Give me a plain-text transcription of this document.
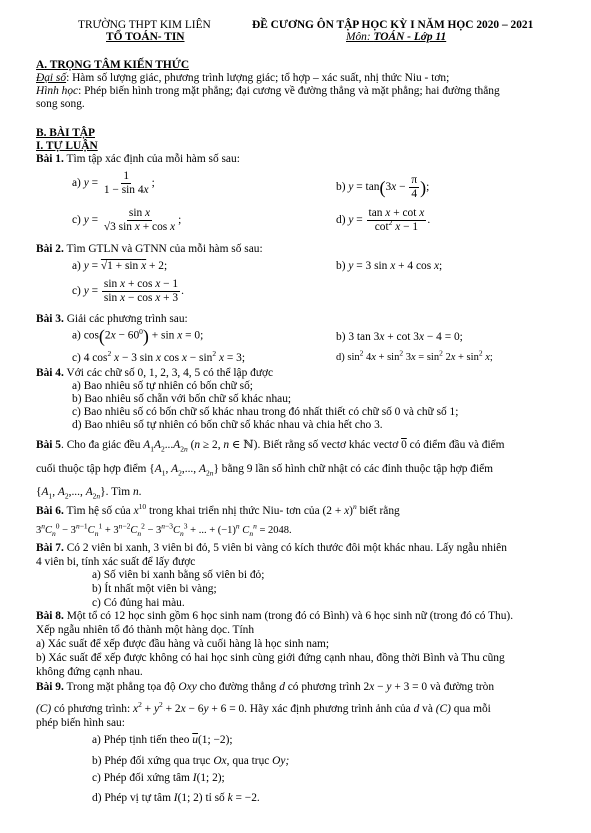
TRƯỜNG THPT KIM LIÊN
TỔ TOÁN- TIN
ĐỀ CƯƠNG ÔN TẬP HỌC KỲ I NĂM HỌC 2020 – 2021
Môn: TOÁN - Lớp 11
A. TRỌNG TÂM KIẾN THỨC
Đại số: Hàm số lượng giác, phương trình lượng giác; tổ hợp – xác suất, nhị thức Niu - tơn;
Hình học: Phép biến hình trong mặt phẳng; đại cương về đường thẳng và mặt phẳng; hai đường thẳng
song song.
B. BÀI TẬP
I. TỰ LUẬN
Bài 1. Tìm tập xác định của mỗi hàm số sau:
a) $y = \frac{1}{1 - \sin 4x}$ ;	b) $y = \tan(3x - \frac{\pi}{4}$ );
c) $y = \frac{\text{sin x}}{\text{√3 sin x + cos x}}$ ;	d) $y = \frac{\text{tan x + cot x}}{\cot^2 x - 1}$ .
Bài 2. Tìm GTLN và GTNN của mỗi hàm số sau:
a) y = √1 + sin x + 2;	b) y = 3 sin x + 4 cos x;
c) $y = \frac{\text{sin x + cos x − 1}}{\text{sin x − cos x + 3}}$ .
Bài 3. Giải các phương trình sau:
a) $\cos(2x - 60^0) + \sin x = 0$;	b) 3 tan 3x + cot 3x − 4 = 0;
c) 4 $\cos^2 x - 3$ sin x $\cos x - \sin^2 x = 3$;	d) $\sin^2 4x + \sin^2 3x = \sin^2 2x + \sin^2 x$;
Bài 4. Với các chữ số 0, 1, 2, 3, 4, 5 có thể lập được
a) Bao nhiêu số tự nhiên có bốn chữ số;
b) Bao nhiêu số chẵn với bốn chữ số khác nhau;
c) Bao nhiêu số có bốn chữ số khác nhau trong đó nhất thiết có chữ số 0 và chữ số 1;
d) Bao nhiêu số tự nhiên có bốn chữ số khác nhau và chia hết cho 3.
Bài 5. Cho đa giác đều $A_1A_2...A_{2n}$ (n ≥ 2, n ∈ ℕ). Biết rằng số vectơ khác vectơ 0 có điểm đầu và điểm
cuối thuộc tập hợp điểm {$A_1$, $A_2$,..., $A_{2n}$} bằng 9 lần số hình chữ nhật có các đỉnh thuộc tập hợp điểm
{$A_1$, $A_2$,..., $A_{2n}$}. Tìm n.
Bài 6. Tìm hệ số của $x^{10}$ trong khai triển nhị thức Niu- tơn của $(2 + x)^n$ biết rằng
$3^nC_n^0 - 3^{n-1}C_n^1 + 3^{n-2}C_n^2 - 3^{n-3}C_n^3$ + ... + $(-1)^n$ $C_n^n = 2048$.
Bài 7. Có 2 viên bi xanh, 3 viên bi đỏ, 5 viên bi vàng có kích thước đôi một khác nhau. Lấy ngẫu nhiên
4 viên bi, tính xác suất để lấy được
a) Số viên bi xanh bằng số viên bi đỏ;
b) Ít nhất một viên bi vàng;
c) Có đủng hai màu.
Bài 8. Một tổ có 12 học sinh gồm 6 học sinh nam (trong đó có Bình) và 6 học sinh nữ (trong đó có Thu).
Xếp ngẫu nhiên tổ đó thành một hàng dọc. Tính
a) Xác suất để xếp được đầu hàng và cuối hàng là học sinh nam;
b) Xác suất để xếp được không có hai học sinh cùng giới đứng cạnh nhau, đồng thời Bình và Thu cũng
không đứng cạnh nhau.
Bài 9. Trong mặt phẳng tọa độ Oxy cho đường thẳng d có phương trình 2x − y + 3 = 0 và đường tròn
(C) có phương trình: $x^2 + y^2 + 2x - 6y + 6 = 0$. Hãy xác định phương trình ảnh của d và (C) qua mỗi
phép biến hình sau:
a) Phép tịnh tiến theo $\overline{u}(1$; −2);
b) Phép đối xứng qua trục Ox, qua trục Oy;
c) Phép đối xứng tâm I(1; 2);
d) Phép vị tự tâm I(1; 2) tỉ số k = −2.
